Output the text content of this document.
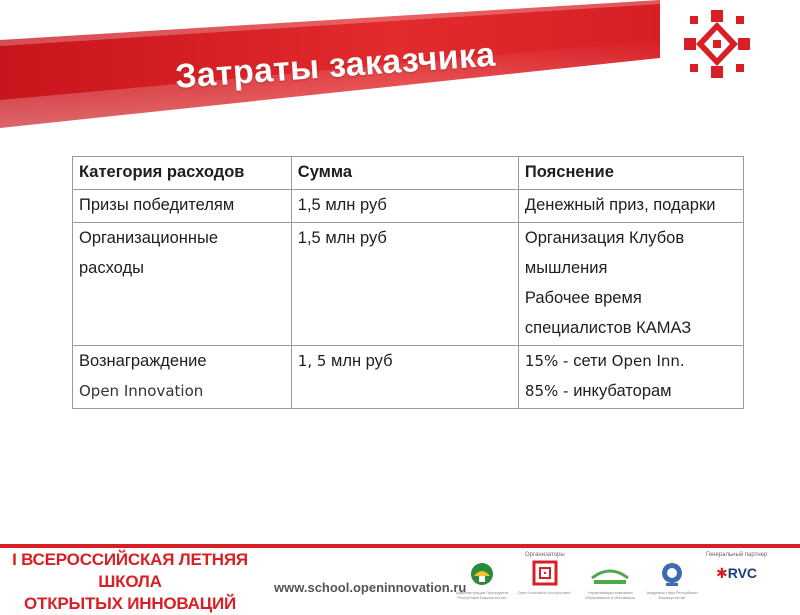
Затраты заказчика
Категория расходов	Сумма	Пояснение
Призы победителям	1,5 млн руб	Денежный приз, подарки
Организационные расходы	1,5 млн руб	Организация Клубов мышления
Рабочее время специалистов КАМАЗ

Вознаграждение
Open Innovation	1, 5 млн руб	15% - сети Open Inn.
85% - инкубаторам
I ВСЕРОССИЙСКАЯ ЛЕТНЯЯ ШКОЛА
ОТКРЫТЫХ ИННОВАЦИЙ
www.school.openinnovation.ru
Организаторы	Генеральный партнер
Администрация Президента Республики Башкортостан
Open Innovation Incorporated	Управляющая компания Образование и Инновации
Академия Наук Республики Башкортостан
✱RVC
